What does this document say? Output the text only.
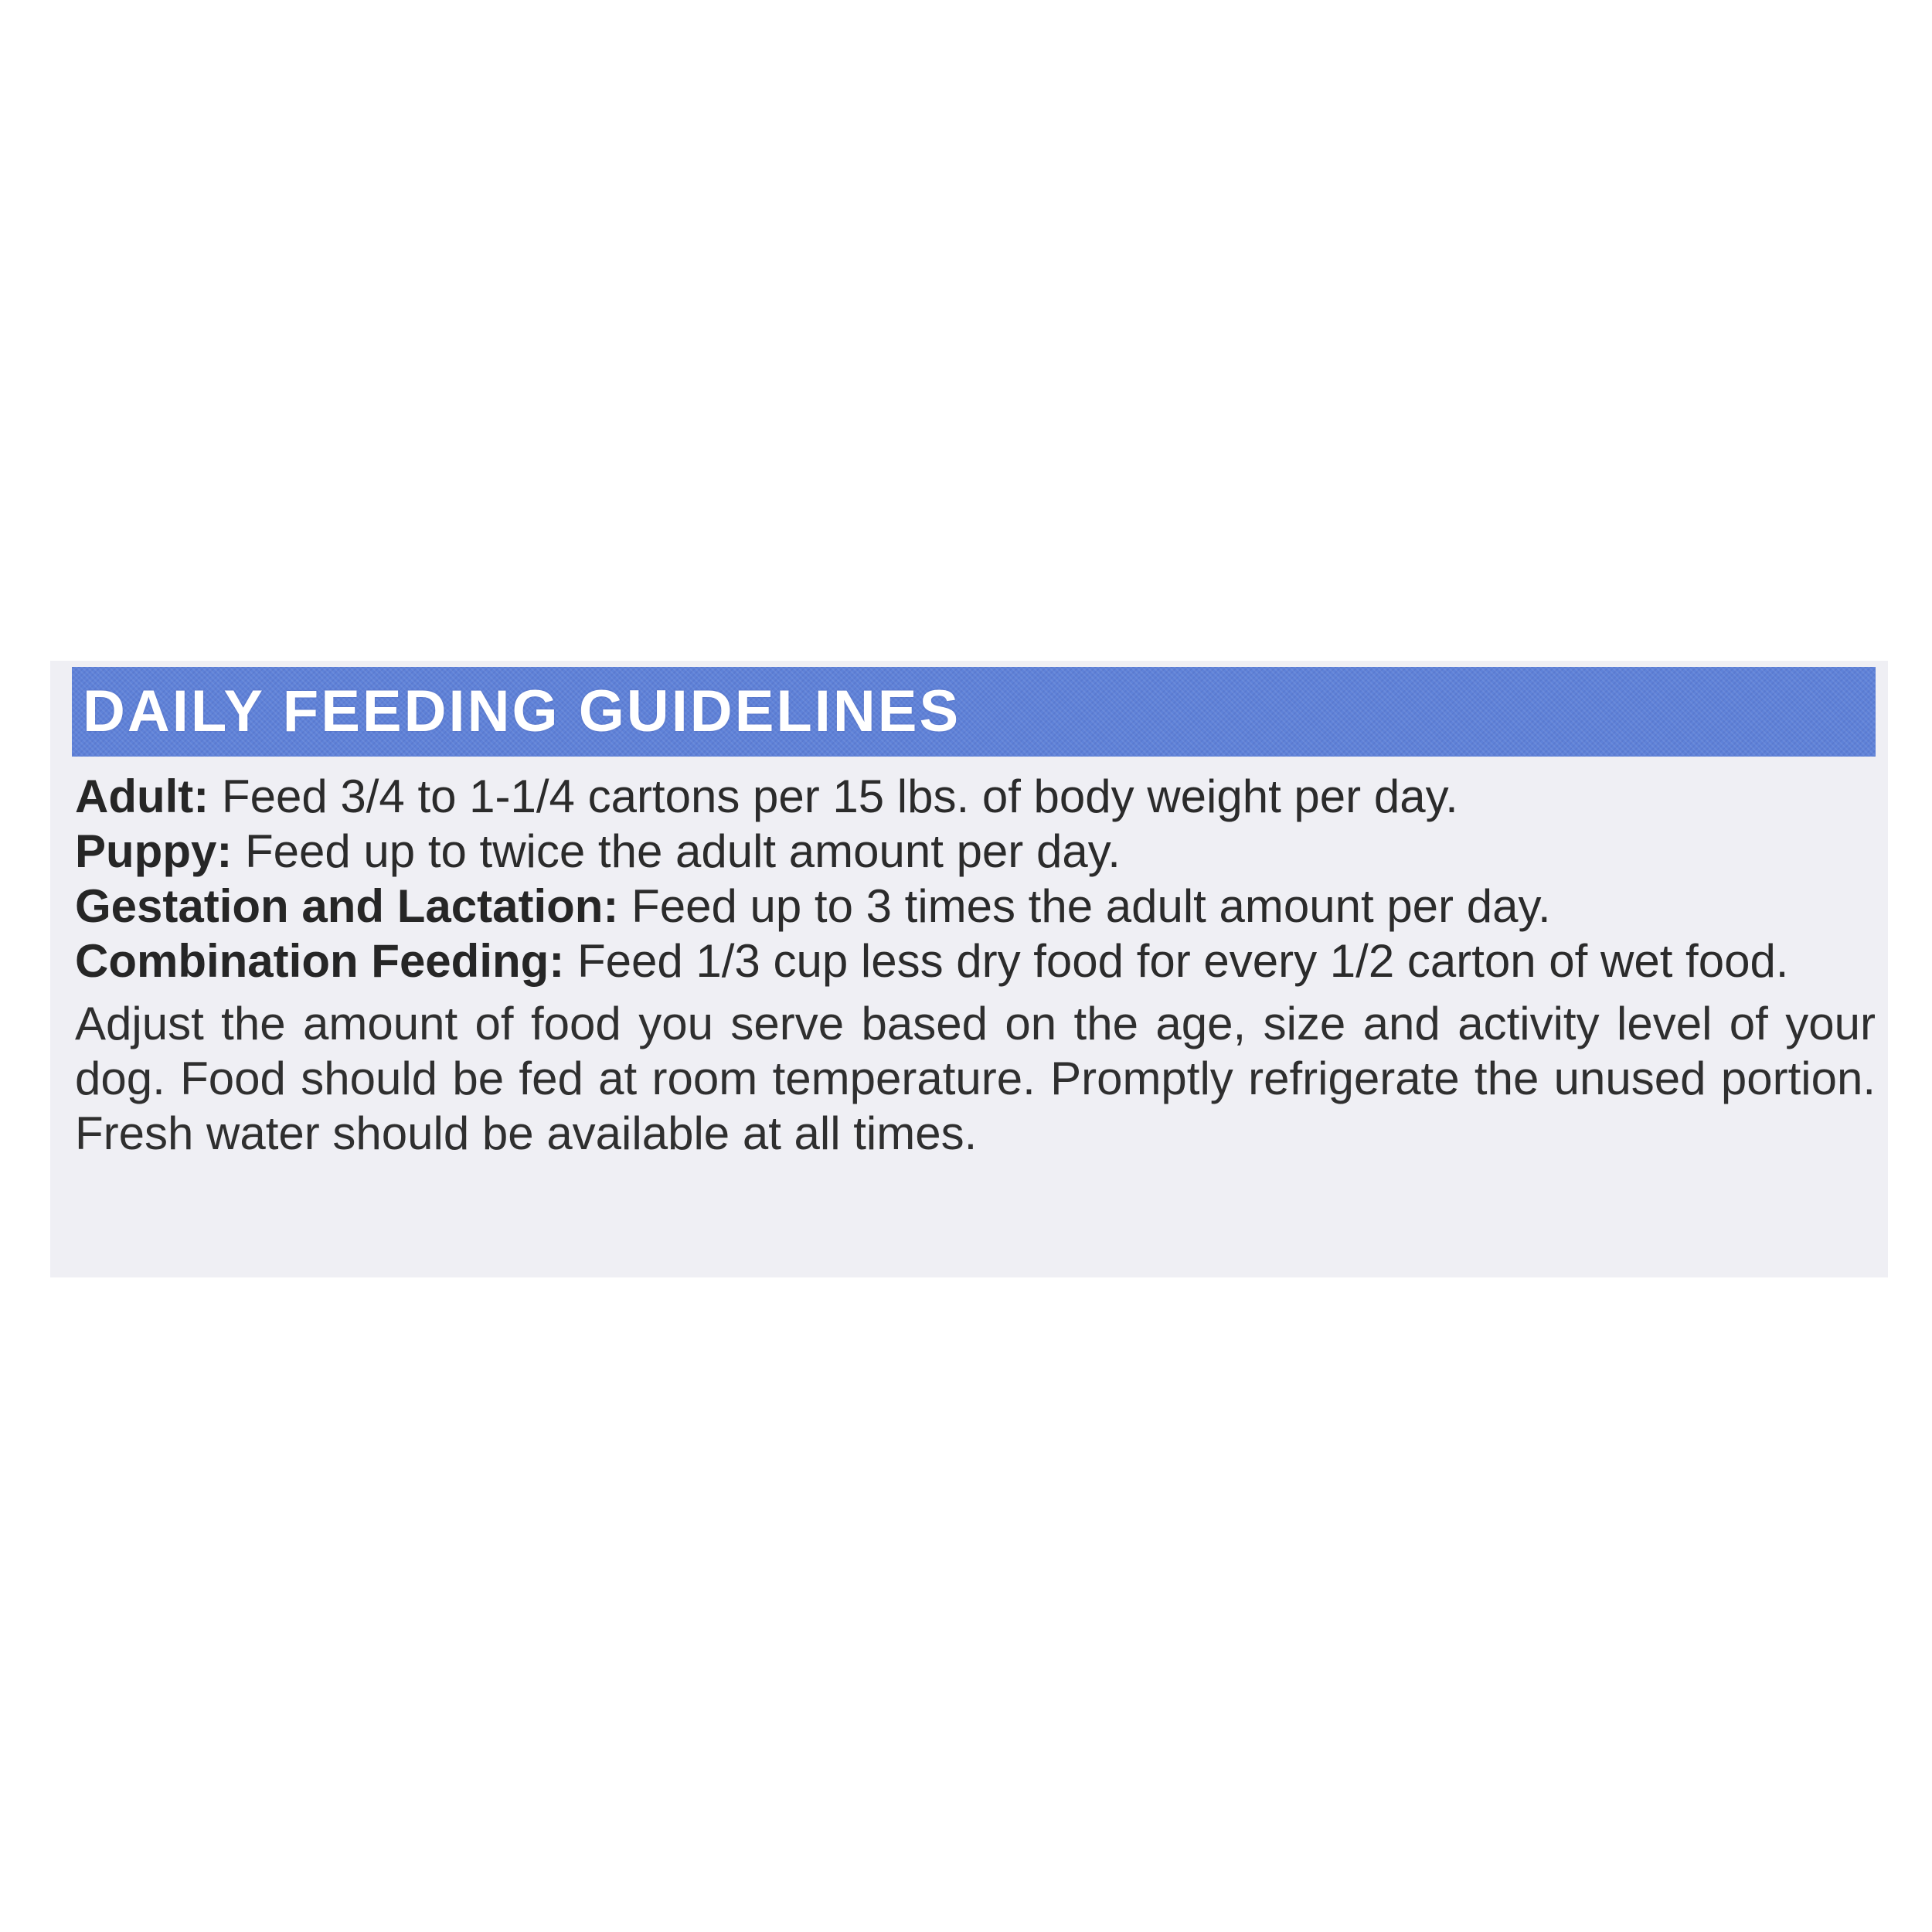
DAILY FEEDING GUIDELINES

Adult: Feed 3/4 to 1-1/4 cartons per 15 lbs. of body weight per day.

Puppy: Feed up to twice the adult amount per day.

Gestation and Lactation: Feed up to 3 times the adult amount per day.

Combination Feeding: Feed 1/3 cup less dry food for every 1/2 carton of wet food.

Adjust the amount of food you serve based on the age, size and activity level of your dog. Food should be fed at room temperature. Promptly refrigerate the unused portion. Fresh water should be available at all times.
